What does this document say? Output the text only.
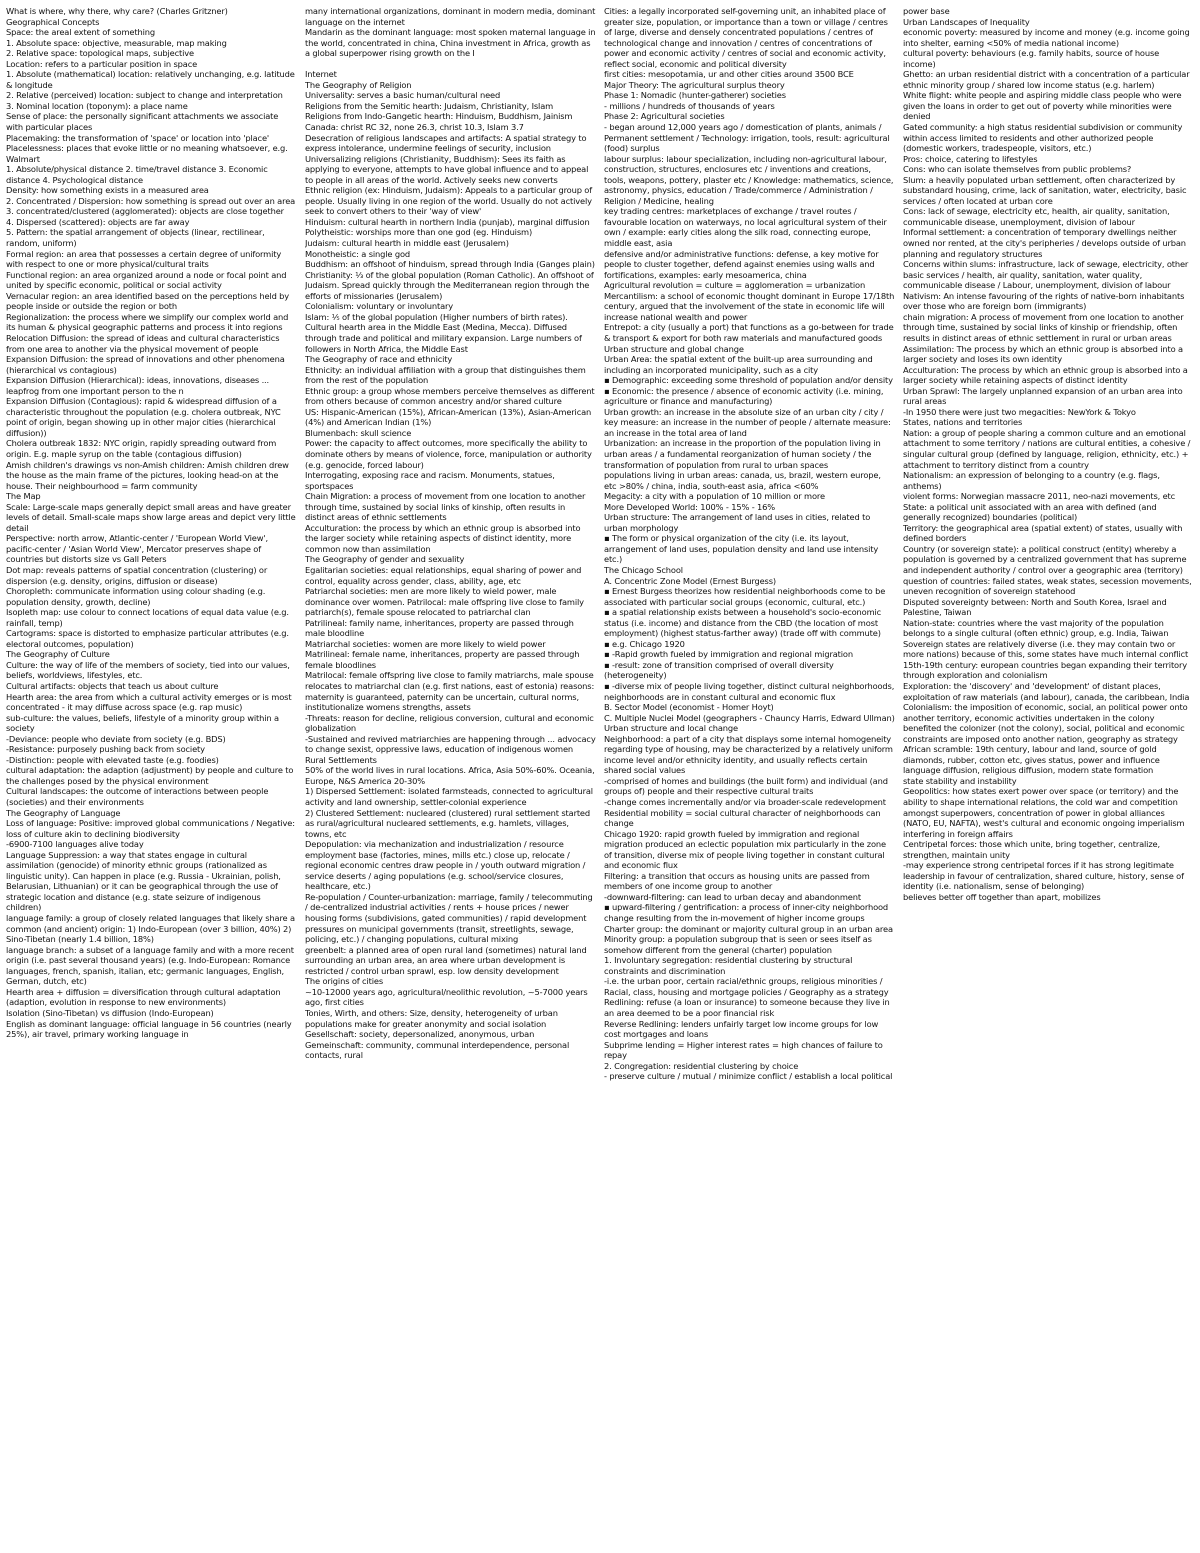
What is where, why there, why care? (Charles Gritzner)

Geographical Concepts

Space: the areal extent of something

1. Absolute space: objective, measurable, map making

2. Relative space: topological maps, subjective

Location: refers to a particular position in space

1. Absolute (mathematical) location: relatively unchanging, e.g. latitude & longitude

2. Relative (perceived) location: subject to change and interpretation

3. Nominal location (toponym): a place name

Sense of place: the personally significant attachments we associate with particular places

Placemaking: the transformation of 'space' or location into 'place'

Placelessness: places that evoke little or no meaning whatsoever, e.g. Walmart

1. Absolute/physical distance 2. time/travel distance 3. Economic distance 4. Psychological distance

Density: how something exists in a measured area

2. Concentrated / Dispersion: how something is spread out over an area

3. concentrated/clustered (agglomerated): objects are close together

4. Dispersed (scattered): objects are far away

5. Pattern: the spatial arrangement of objects (linear, rectilinear, random, uniform)

Formal region: an area that possesses a certain degree of uniformity with respect to one or more physical/cultural traits

Functional region: an area organized around a node or focal point and united by specific economic, political or social activity

Vernacular region: an area identified based on the perceptions held by people inside or outside the region or both

Regionalization: the process where we simplify our complex world and its human & physical geographic patterns and process it into regions

Relocation Diffusion: the spread of ideas and cultural characteristics from one area to another via the physical movement of people

Expansion Diffusion: the spread of innovations and other phenomena (hierarchical vs contagious)

Expansion Diffusion (Hierarchical): ideas, innovations, diseases ... leapfrog from one important person to the n

Expansion Diffusion (Contagious): rapid & widespread diffusion of a characteristic throughout the population (e.g. cholera outbreak, NYC point of origin, began showing up in other major cities (hierarchical diffusion))

Cholera outbreak 1832: NYC origin, rapidly spreading outward from origin. E.g. maple syrup on the table (contagious diffusion)

Amish children's drawings vs non-Amish children: Amish children drew the house as the main frame of the pictures, looking head-on at the house. Their neighbourhood = farm community

The Map

Scale: Large-scale maps generally depict small areas and have greater levels of detail. Small-scale maps show large areas and depict very little detail

Perspective: north arrow, Atlantic-center / 'European World View', pacific-center / 'Asian World View', Mercator preserves shape of countries but distorts size vs Gall Peters

Dot map: reveals patterns of spatial concentration (clustering) or dispersion (e.g. density, origins, diffusion or disease)

Choropleth: communicate information using colour shading (e.g. population density, growth, decline)

Isopleth map: use colour to connect locations of equal data value (e.g. rainfall, temp)

Cartograms: space is distorted to emphasize particular attributes (e.g. electoral outcomes, population)

The Geography of Culture

Culture: the way of life of the members of society, tied into our values, beliefs, worldviews, lifestyles, etc.

Cultural artifacts: objects that teach us about culture

Hearth area: the area from which a cultural activity emerges or is most concentrated - it may diffuse across space (e.g. rap music)

sub-culture: the values, beliefs, lifestyle of a minority group within a society

-Deviance: people who deviate from society (e.g. BDS)

-Resistance: purposely pushing back from society

-Distinction: people with elevated taste (e.g. foodies)

cultural adaptation: the adaption (adjustment) by people and culture to the challenges posed by the physical environment

Cultural landscapes: the outcome of interactions between people (societies) and their environments

The Geography of Language

Loss of language: Positive: improved global communications / Negative: loss of culture akin to declining biodiversity

-6900-7100 languages alive today

Language Suppression: a way that states engage in cultural assimilation (genocide) of minority ethnic groups (rationalized as linguistic unity). Can happen in place (e.g. Russia - Ukrainian, polish, Belarusian, Lithuanian) or it can be geographical through the use of strategic location and distance (e.g. state seizure of indigenous children)

language family: a group of closely related languages that likely share a common (and ancient) origin: 1) Indo-European (over 3 billion, 40%) 2) Sino-Tibetan (nearly 1.4 billion, 18%)

language branch: a subset of a language family and with a more recent origin (i.e. past several thousand years) (e.g. Indo-European: Romance languages, french, spanish, italian, etc; germanic languages, English, German, dutch, etc)

Hearth area + diffusion = diversification through cultural adaptation (adaption, evolution in response to new environments)

Isolation (Sino-Tibetan) vs diffusion (Indo-European)

English as dominant language: official language in 56 countries (nearly 25%), air travel, primary working language in

many international organizations, dominant in modern media, dominant language on the internet

Mandarin as the dominant language: most spoken maternal language in the world, concentrated in china, China investment in Africa, growth as a global superpower rising growth on the I

Internet

The Geography of Religion

Universality: serves a basic human/cultural need

Religions from the Semitic hearth: Judaism, Christianity, Islam

Religions from Indo-Gangetic hearth: Hinduism, Buddhism, Jainism

Canada: christ RC 32, none 26.3, christ 10.3, Islam 3.7

Desecration of religious landscapes and artifacts: A spatial strategy to express intolerance, undermine feelings of security, inclusion

Universalizing religions (Christianity, Buddhism): Sees its faith as applying to everyone, attempts to have global influence and to appeal to people in all areas of the world. Actively seeks new converts

Ethnic religion (ex: Hinduism, Judaism): Appeals to a particular group of people. Usually living in one region of the world. Usually do not actively seek to convert others to their 'way of view'

Hinduism: cultural hearth in northern India (punjab), marginal diffusion

Polytheistic: worships more than one god (eg. Hinduism)

Judaism: cultural hearth in middle east (Jerusalem)

Monotheistic: a single god

Buddhism: an offshoot of hinduism, spread through India (Ganges plain)

Christianity: ⅓ of the global population (Roman Catholic). An offshoot of Judaism. Spread quickly through the Mediterranean region through the efforts of missionaries (Jerusalem)

Colonialism: voluntary or involuntary

Islam: ⅕ of the global population (Higher numbers of birth rates). Cultural hearth area in the Middle East (Medina, Mecca). Diffused through trade and political and military expansion. Large numbers of followers in North Africa, the Middle East

The Geography of race and ethnicity

Ethnicity: an individual affiliation with a group that distinguishes them from the rest of the population

Ethnic group: a group whose members perceive themselves as different from others because of common ancestry and/or shared culture

US: Hispanic-American (15%), African-American (13%), Asian-American (4%) and American Indian (1%)

Blumenbach: skull science

Power: the capacity to affect outcomes, more specifically the ability to dominate others by means of violence, force, manipulation or authority (e.g. genocide, forced labour)

Interrogating, exposing race and racism. Monuments, statues, sportspaces

Chain Migration: a process of movement from one location to another through time, sustained by social links of kinship, often results in distinct areas of ethnic settlements

Acculturation: the process by which an ethnic group is absorbed into the larger society while retaining aspects of distinct identity, more common now than assimilation

The Geography of gender and sexuality

Egalitarian societies: equal relationships, equal sharing of power and control, equality across gender, class, ability, age, etc

Patriarchal societies: men are more likely to wield power, male dominance over women. Patrilocal: male offspring live close to family patriarch(s), female spouse relocated to patriarchal clan

Patrilineal: family name, inheritances, property are passed through male bloodline

Matriarchal societies: women are more likely to wield power

Matrilineal: female name, inheritances, property are passed through female bloodlines

Matrilocal: female offspring live close to family matriarchs, male spouse relocates to matriarchal clan (e.g. first nations, east of estonia) reasons: maternity is guaranteed, paternity can be uncertain, cultural norms, institutionalize womens strengths, assets

-Threats: reason for decline, religious conversion, cultural and economic globalization

-Sustained and revived matriarchies are happening through ... advocacy to change sexist, oppressive laws, education of indigenous women

Rural Settlements

50% of the world lives in rural locations. Africa, Asia 50%-60%. Oceania, Europe, N&S America 20-30%

1) Dispersed Settlement: isolated farmsteads, connected to agricultural activity and land ownership, settler-colonial experience

2) Clustered Settlement: nucleared (clustered) rural settlement started as rural/agricultural nucleared settlements, e.g. hamlets, villages, towns, etc

Depopulation: via mechanization and industrialization / resource employment base (factories, mines, mills etc.) close up, relocate / regional economic centres draw people in / youth outward migration / service deserts / aging populations (e.g. school/service closures, healthcare, etc.)

Re-population / Counter-urbanization: marriage, family / telecommuting / de-centralized industrial activities / rents + house prices / newer housing forms (subdivisions, gated communities) / rapid development pressures on municipal governments (transit, streetlights, sewage, policing, etc.) / changing populations, cultural mixing

greenbelt: a planned area of open rural land (sometimes) natural land surrounding an urban area, an area where urban development is restricted / control urban sprawl, esp. low density development

The origins of cities

~10-12000 years ago, agricultural/neolithic revolution, ~5-7000 years ago, first cities

Tonies, Wirth, and others: Size, density, heterogeneity of urban populations make for greater anonymity and social isolation

Gesellschaft: society, depersonalized, anonymous, urban

Gemeinschaft: community, communal interdependence, personal contacts, rural

Cities: a legally incorporated self-governing unit, an inhabited place of greater size, population, or importance than a town or village / centres of large, diverse and densely concentrated populations / centres of technological change and innovation / centres of concentrations of power and economic activity / centres of social and economic activity, reflect social, economic and political diversity

first cities: mesopotamia, ur and other cities around 3500 BCE

Major Theory: The agricultural surplus theory

Phase 1: Nomadic (hunter-gatherer) societies

- millions / hundreds of thousands of years

Phase 2: Agricultural societies

- began around 12,000 years ago / domestication of plants, animals / Permanent settlement / Technology: irrigation, tools, result: agricultural (food) surplus

labour surplus: labour specialization, including non-agricultural labour, construction, structures, enclosures etc / inventions and creations, tools, weapons, pottery, plaster etc / Knowledge: mathematics, science, astronomy, physics, education / Trade/commerce / Administration / Religion / Medicine, healing

key trading centres: marketplaces of exchange / travel routes / favourable location on waterways, no local agricultural system of their own / example: early cities along the silk road, connecting europe, middle east, asia

defensive and/or administrative functions: defense, a key motive for people to cluster together, defend against enemies using walls and fortifications, examples: early mesoamerica, china

Agricultural revolution = culture = agglomeration = urbanization

Mercantilism: a school of economic thought dominant in Europe 17/18th century, argued that the involvement of the state in economic life will increase national wealth and power

Entrepot: a city (usually a port) that functions as a go-between for trade & transport & export for both raw materials and manufactured goods

Urban structure and global change

Urban Area: the spatial extent of the built-up area surrounding and including an incorporated municipality, such as a city

▪ Demographic: exceeding some threshold of population and/or density

▪ Economic: the presence / absence of economic activity (i.e. mining, agriculture or finance and manufacturing)

Urban growth: an increase in the absolute size of an urban city / city / key measure: an increase in the number of people / alternate measure: an increase in the total area of land

Urbanization: an increase in the proportion of the population living in urban areas / a fundamental reorganization of human society / the transformation of population from rural to urban spaces

populations living in urban areas: canada, us, brazil, western europe, etc >80% / china, india, south-east asia, africa <60%

Megacity: a city with a population of 10 million or more

More Developed World: 100% - 15% - 16%

Urban structure: The arrangement of land uses in cities, related to urban morphology

▪ The form or physical organization of the city (i.e. its layout, arrangement of land uses, population density and land use intensity etc.)

The Chicago School

A. Concentric Zone Model (Ernest Burgess)

▪ Ernest Burgess theorizes how residential neighborhoods come to be associated with particular social groups (economic, cultural, etc.)

▪ a spatial relationship exists between a household's socio-economic status (i.e. income) and distance from the CBD (the location of most employment) (highest status-farther away) (trade off with commute)

▪ e.g. Chicago 1920

▪ -Rapid growth fueled by immigration and regional migration

▪ -result: zone of transition comprised of overall diversity (heterogeneity)

▪ -diverse mix of people living together, distinct cultural neighborhoods, neighborhoods are in constant cultural and economic flux

B. Sector Model (economist - Homer Hoyt)

C. Multiple Nuclei Model (geographers - Chauncy Harris, Edward Ullman)

Urban structure and local change

Neighborhood: a part of a city that displays some internal homogeneity regarding type of housing, may be characterized by a relatively uniform income level and/or ethnicity identity, and usually reflects certain shared social values

-comprised of homes and buildings (the built form) and individual (and groups of) people and their respective cultural traits

-change comes incrementally and/or via broader-scale redevelopment

Residential mobility = social cultural character of neighborhoods can change

Chicago 1920: rapid growth fueled by immigration and regional migration produced an eclectic population mix particularly in the zone of transition, diverse mix of people living together in constant cultural and economic flux

Filtering: a transition that occurs as housing units are passed from members of one income group to another

-downward-filtering: can lead to urban decay and abandonment

▪ upward-filtering / gentrification: a process of inner-city neighborhood change resulting from the in-movement of higher income groups

Charter group: the dominant or majority cultural group in an urban area

Minority group: a population subgroup that is seen or sees itself as somehow different from the general (charter) population

1. Involuntary segregation: residential clustering by structural constraints and discrimination

-i.e. the urban poor, certain racial/ethnic groups, religious minorities / Racial, class, housing and mortgage policies / Geography as a strategy

Redlining: refuse (a loan or insurance) to someone because they live in an area deemed to be a poor financial risk

Reverse Redlining: lenders unfairly target low income groups for low cost mortgages and loans

Subprime lending = Higher interest rates = high chances of failure to repay

2. Congregation: residential clustering by choice

- preserve culture / mutual / minimize conflict / establish a local political

power base

Urban Landscapes of Inequality

economic poverty: measured by income and money (e.g. income going into shelter, earning <50% of media national income)

cultural poverty: behaviours (e.g. family habits, source of house income)

Ghetto: an urban residential district with a concentration of a particular ethnic minority group / shared low income status (e.g. harlem)

White flight: white people and aspiring middle class people who were given the loans in order to get out of poverty while minorities were denied

Gated community: a high status residential subdivision or community within access limited to residents and other authorized people (domestic workers, tradespeople, visitors, etc.)

Pros: choice, catering to lifestyles

Cons: who can isolate themselves from public problems?

Slum: a heavily populated urban settlement, often characterized by substandard housing, crime, lack of sanitation, water, electricity, basic services / often located at urban core

Cons: lack of sewage, electricity etc, health, air quality, sanitation, communicable disease, unemployment, division of labour

Informal settlement: a concentration of temporary dwellings neither owned nor rented, at the city's peripheries / develops outside of urban planning and regulatory structures

Concerns within slums: infrastructure, lack of sewage, electricity, other basic services / health, air quality, sanitation, water quality, communicable disease / Labour, unemployment, division of labour

Nativism: An intense favouring of the rights of native-born inhabitants over those who are foreign born (immigrants)

chain migration: A process of movement from one location to another through time, sustained by social links of kinship or friendship, often results in distinct areas of ethnic settlement in rural or urban areas

Assimilation: The process by which an ethnic group is absorbed into a larger society and loses its own identity

Acculturation: The process by which an ethnic group is absorbed into a larger society while retaining aspects of distinct identity

Urban Sprawl: The largely unplanned expansion of an urban area into rural areas

-In 1950 there were just two megacities: NewYork & Tokyo

States, nations and territories

Nation: a group of people sharing a common culture and an emotional attachment to some territory / nations are cultural entities, a cohesive / singular cultural group (defined by language, religion, ethnicity, etc.) + attachment to territory distinct from a country

Nationalism: an expression of belonging to a country (e.g. flags, anthems)

violent forms: Norwegian massacre 2011, neo-nazi movements, etc

State: a political unit associated with an area with defined (and generally recognized) boundaries (political)

Territory: the geographical area (spatial extent) of states, usually with defined borders

Country (or sovereign state): a political construct (entity) whereby a population is governed by a centralized government that has supreme and independent authority / control over a geographic area (territory)

question of countries: failed states, weak states, secession movements, uneven recognition of sovereign statehood

Disputed sovereignty between: North and South Korea, Israel and Palestine, Taiwan

Nation-state: countries where the vast majority of the population belongs to a single cultural (often ethnic) group, e.g. India, Taiwan

Sovereign states are relatively diverse (i.e. they may contain two or more nations) because of this, some states have much internal conflict

15th-19th century: european countries began expanding their territory through exploration and colonialism

Exploration: the 'discovery' and 'development' of distant places, exploitation of raw materials (and labour), canada, the caribbean, India

Colonialism: the imposition of economic, social, an political power onto another territory, economic activities undertaken in the colony benefited the colonizer (not the colony), social, political and economic constraints are imposed onto another nation, geography as strategy

African scramble: 19th century, labour and land, source of gold diamonds, rubber, cotton etc, gives status, power and influence

language diffusion, religious diffusion, modern state formation

state stability and instability

Geopolitics: how states exert power over space (or territory) and the ability to shape international relations, the cold war and competition amongst superpowers, concentration of power in global alliances (NATO, EU, NAFTA), west's cultural and economic ongoing imperialism interfering in foreign affairs

Centripetal forces: those which unite, bring together, centralize, strengthen, maintain unity

-may experience strong centripetal forces if it has strong legitimate leadership in favour of centralization, shared culture, history, sense of identity (i.e. nationalism, sense of belonging)

believes better off together than apart, mobilizes
